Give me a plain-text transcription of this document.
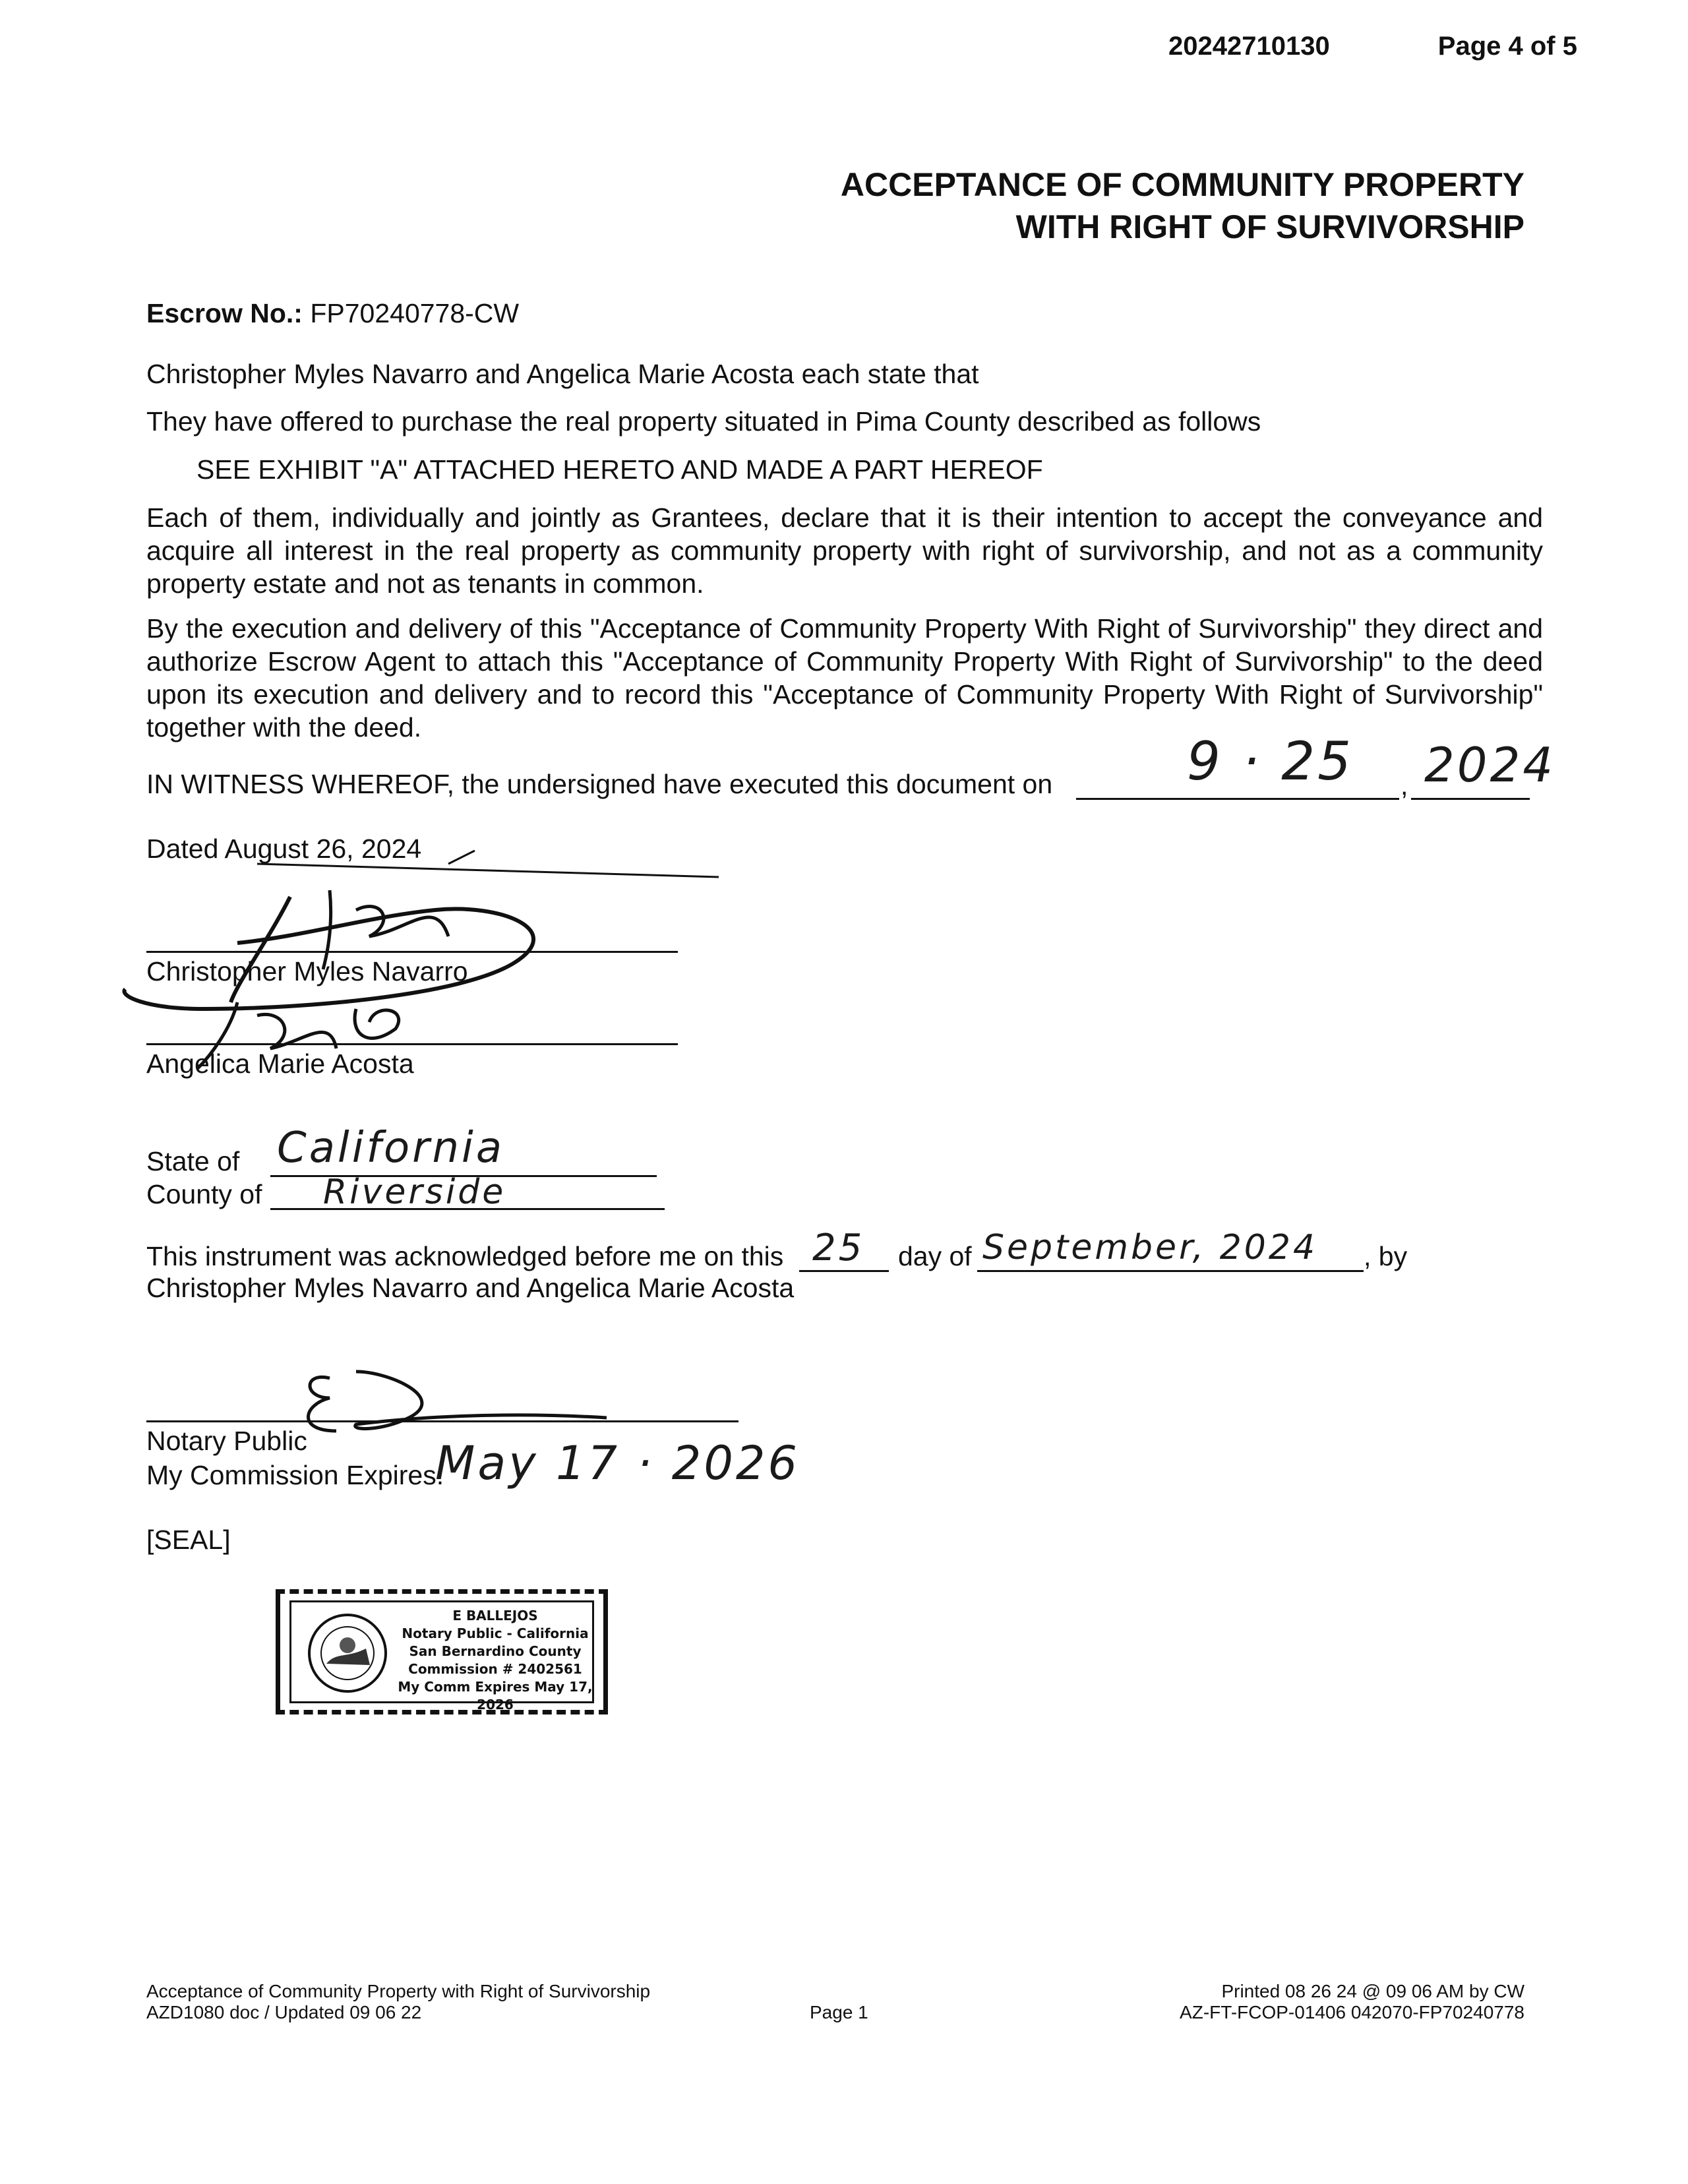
20242710130	Page 4 of 5
ACCEPTANCE OF COMMUNITY PROPERTY
WITH RIGHT OF SURVIVORSHIP
Escrow No.: FP70240778-CW
Christopher Myles Navarro and Angelica Marie Acosta each state that
They have offered to purchase the real property situated in Pima County described as follows
SEE EXHIBIT "A" ATTACHED HERETO AND MADE A PART HEREOF
Each of them, individually and jointly as Grantees, declare that it is their intention to accept the conveyance and acquire all interest in the real property as community property with right of survivorship, and not as a community property estate and not as tenants in common.
By the execution and delivery of this "Acceptance of Community Property With Right of Survivorship" they direct and authorize Escrow Agent to attach this "Acceptance of Community Property With Right of Survivorship" to the deed upon its execution and delivery and to record this "Acceptance of Community Property With Right of Survivorship" together with the deed.
IN WITNESS WHEREOF, the undersigned have executed this document on	,
9 · 25 2024
Dated August 26, 2024
Christopher Myles Navarro
Angelica Marie Acosta
State of California
County of Riverside
This instrument was acknowledged before me on this 25 day of September, 2024 , by
Christopher Myles Navarro and Angelica Marie Acosta
Notary Public
My Commission Expires.
May 17 · 2026
[SEAL]
E BALLEJOS
Notary Public - California
San Bernardino County
Commission # 2402561
My Comm Expires May 17, 2026
Acceptance of Community Property with Right of Survivorship
AZD1080 doc / Updated 09 06 22	Page 1
Printed 08 26 24 @ 09 06 AM by CW
AZ-FT-FCOP-01406 042070-FP70240778
